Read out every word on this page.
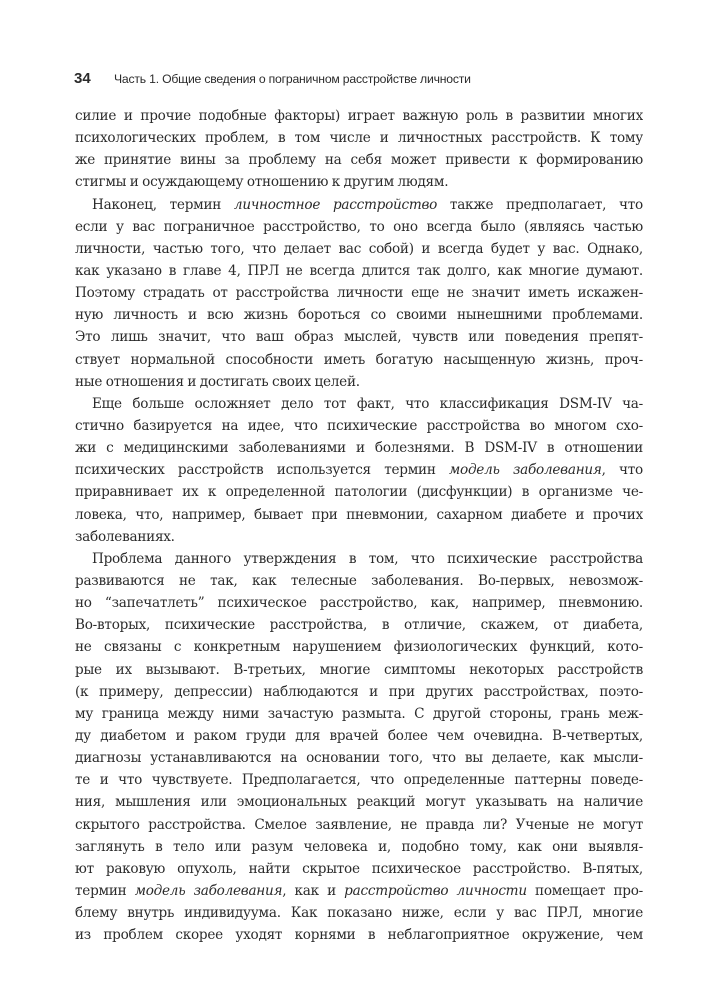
34 Часть 1. Общие сведения о пограничном расстройстве личности
силие и прочие подобные факторы) играет важную роль в развитии многих
психологических проблем, в том числе и личностных расстройств. К тому
же принятие вины за проблему на себя может привести к формированию
стигмы и осуждающему отношению к другим людям.
Наконец, термин личностное расстройство также предполагает, что
если у вас пограничное расстройство, то оно всегда было (являясь частью
личности, частью того, что делает вас собой) и всегда будет у вас. Однако,
как указано в главе 4, ПРЛ не всегда длится так долго, как многие думают.
Поэтому страдать от расстройства личности еще не значит иметь искажен-
ную личность и всю жизнь бороться со своими нынешними проблемами.
Это лишь значит, что ваш образ мыслей, чувств или поведения препят-
ствует нормальной способности иметь богатую насыщенную жизнь, проч-
ные отношения и достигать своих целей.
Еще больше осложняет дело тот факт, что классификация DSM-IV ча-
стично базируется на идее, что психические расстройства во многом схо-
жи с медицинскими заболеваниями и болезнями. В DSM-IV в отношении
психических расстройств используется термин модель заболевания, что
приравнивает их к определенной патологии (дисфункции) в организме че-
ловека, что, например, бывает при пневмонии, сахарном диабете и прочих
заболеваниях.
Проблема данного утверждения в том, что психические расстройства
развиваются не так, как телесные заболевания. Во-первых, невозмож-
но “запечатлеть” психическое расстройство, как, например, пневмонию.
Во-вторых, психические расстройства, в отличие, скажем, от диабета,
не связаны с конкретным нарушением физиологических функций, кото-
рые их вызывают. В-третьих, многие симптомы некоторых расстройств
(к примеру, депрессии) наблюдаются и при других расстройствах, поэто-
му граница между ними зачастую размыта. С другой стороны, грань меж-
ду диабетом и раком груди для врачей более чем очевидна. В-четвертых,
диагнозы устанавливаются на основании того, что вы делаете, как мысли-
те и что чувствуете. Предполагается, что определенные паттерны поведе-
ния, мышления или эмоциональных реакций могут указывать на наличие
скрытого расстройства. Смелое заявление, не правда ли? Ученые не могут
заглянуть в тело или разум человека и, подобно тому, как они выявля-
ют раковую опухоль, найти скрытое психическое расстройство. В-пятых,
термин модель заболевания, как и расстройство личности помещает про-
блему внутрь индивидуума. Как показано ниже, если у вас ПРЛ, многие
из проблем скорее уходят корнями в неблагоприятное окружение, чем
